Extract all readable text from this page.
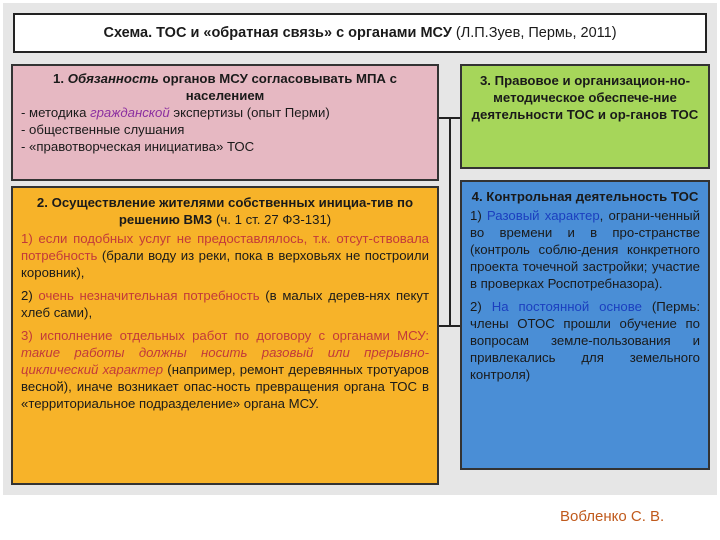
Схема. ТОС и «обратная связь» с органами МСУ (Л.П.Зуев, Пермь, 2011)

1. Обязанность органов МСУ согласовывать МПА с населением

- методика гражданской экспертизы (опыт Перми)

- общественные слушания

- «правотворческая инициатива» ТОС

3. Правовое и организацион-но-методическое обеспече-ние деятельности ТОС и ор-ганов ТОС

2. Осуществление жителями собственных инициа-тив по решению ВМЗ (ч. 1 ст. 27 ФЗ-131)

1) если подобных услуг не предоставлялось, т.к. отсут-ствовала потребность (брали воду из реки, пока в верховьях не построили коровник),

2) очень незначительная потребность (в малых дерев-нях пекут хлеб сами),

3) исполнение отдельных работ по договору с органами МСУ: такие работы должны носить разовый или прерывно-циклический характер (например, ремонт деревянных тротуаров весной), иначе возникает опас-ность превращения органа ТОС в «территориальное подразделение» органа МСУ.

4. Контрольная деятельность ТОС

1) Разовый характер, ограни-ченный во времени и в про-странстве (контроль соблю-дения конкретного проекта точечной застройки; участие в проверках Роспотребназора).

2) На постоянной основе (Пермь: члены ОТОС прошли обучение по вопросам земле-пользования и привлекались для земельного контроля)

Вобленко С. В.
